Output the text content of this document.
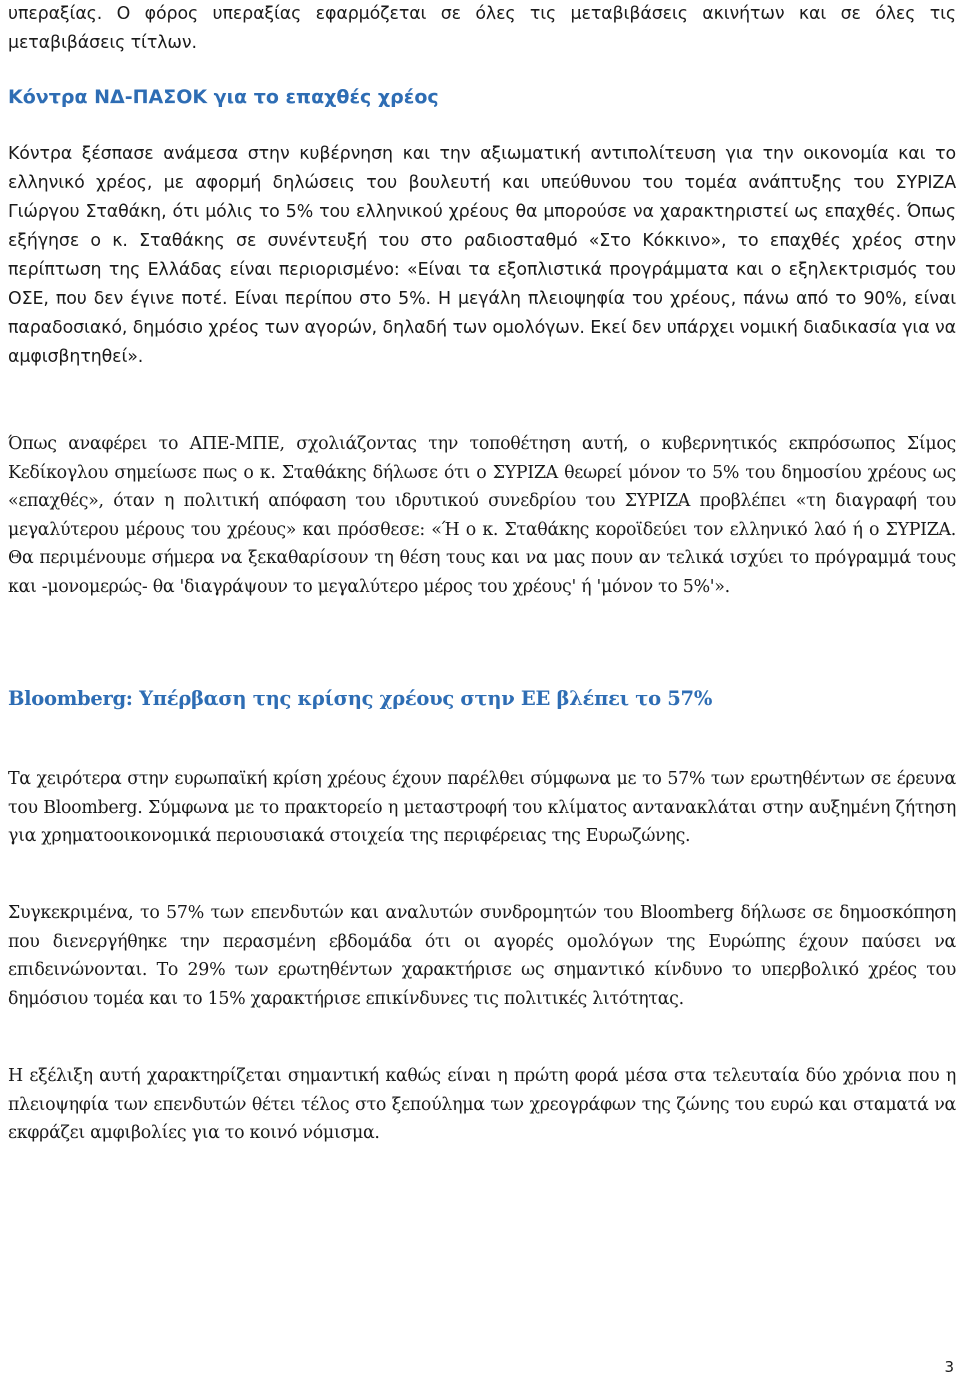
υπεραξίας. Ο φόρος υπεραξίας εφαρμόζεται σε όλες τις μεταβιβάσεις ακινήτων και σε όλες τις μεταβιβάσεις τίτλων.

Κόντρα ΝΔ-ΠΑΣΟΚ για το επαχθές χρέος

Κόντρα ξέσπασε ανάμεσα στην κυβέρνηση και την αξιωματική αντιπολίτευση για την οικονομία και το ελληνικό χρέος, με αφορμή δηλώσεις του βουλευτή και υπεύθυνου του τομέα ανάπτυξης του ΣΥΡΙΖΑ Γιώργου Σταθάκη, ότι μόλις το 5% του ελληνικού χρέους θα μπορούσε να χαρακτηριστεί ως επαχθές. Όπως εξήγησε ο κ. Σταθάκης σε συνέντευξή του στο ραδιοσταθμό «Στο Κόκκινο», το επαχθές χρέος στην περίπτωση της Ελλάδας είναι περιορισμένο: «Είναι τα εξοπλιστικά προγράμματα και ο εξηλεκτρισμός του ΟΣΕ, που δεν έγινε ποτέ. Είναι περίπου στο 5%. Η μεγάλη πλειοψηφία του χρέους, πάνω από το 90%, είναι παραδοσιακό, δημόσιο χρέος των αγορών, δηλαδή των ομολόγων. Εκεί δεν υπάρχει νομική διαδικασία για να αμφισβητηθεί».

Όπως αναφέρει το ΑΠΕ-ΜΠΕ, σχολιάζοντας την τοποθέτηση αυτή, ο κυβερνητικός εκπρόσωπος Σίμος Κεδίκογλου σημείωσε πως ο κ. Σταθάκης δήλωσε ότι ο ΣΥΡΙΖΑ θεωρεί μόνον το 5% του δημοσίου χρέους ως «επαχθές», όταν η πολιτική απόφαση του ιδρυτικού συνεδρίου του ΣΥΡΙΖΑ προβλέπει «τη διαγραφή του μεγαλύτερου μέρους του χρέους» και πρόσθεσε: «Ή ο κ. Σταθάκης κοροϊδεύει τον ελληνικό λαό ή ο ΣΥΡΙΖΑ. Θα περιμένουμε σήμερα να ξεκαθαρίσουν τη θέση τους και να μας πουν αν τελικά ισχύει το πρόγραμμά τους και -μονομερώς- θα 'διαγράψουν το μεγαλύτερο μέρος του χρέους' ή 'μόνον το 5%'».

Bloomberg: Υπέρβαση της κρίσης χρέους στην ΕΕ βλέπει το 57%

Τα χειρότερα στην ευρωπαϊκή κρίση χρέους έχουν παρέλθει σύμφωνα με το 57% των ερωτηθέντων σε έρευνα του Bloomberg. Σύμφωνα με το πρακτορείο η μεταστροφή του κλίματος αντανακλάται στην αυξημένη ζήτηση για χρηματοοικονομικά περιουσιακά στοιχεία της περιφέρειας της Ευρωζώνης.

Συγκεκριμένα, το 57% των επενδυτών και αναλυτών συνδρομητών του Bloomberg δήλωσε σε δημοσκόπηση που διενεργήθηκε την περασμένη εβδομάδα ότι οι αγορές ομολόγων της Ευρώπης έχουν παύσει να επιδεινώνονται. Το 29% των ερωτηθέντων χαρακτήρισε ως σημαντικό κίνδυνο το υπερβολικό χρέος του δημόσιου τομέα και το 15% χαρακτήρισε επικίνδυνες τις πολιτικές λιτότητας.

Η εξέλιξη αυτή χαρακτηρίζεται σημαντική καθώς είναι η πρώτη φορά μέσα στα τελευταία δύο χρόνια που η πλειοψηφία των επενδυτών θέτει τέλος στο ξεπούλημα των χρεογράφων της ζώνης του ευρώ και σταματά να εκφράζει αμφιβολίες για το κοινό νόμισμα.

3
